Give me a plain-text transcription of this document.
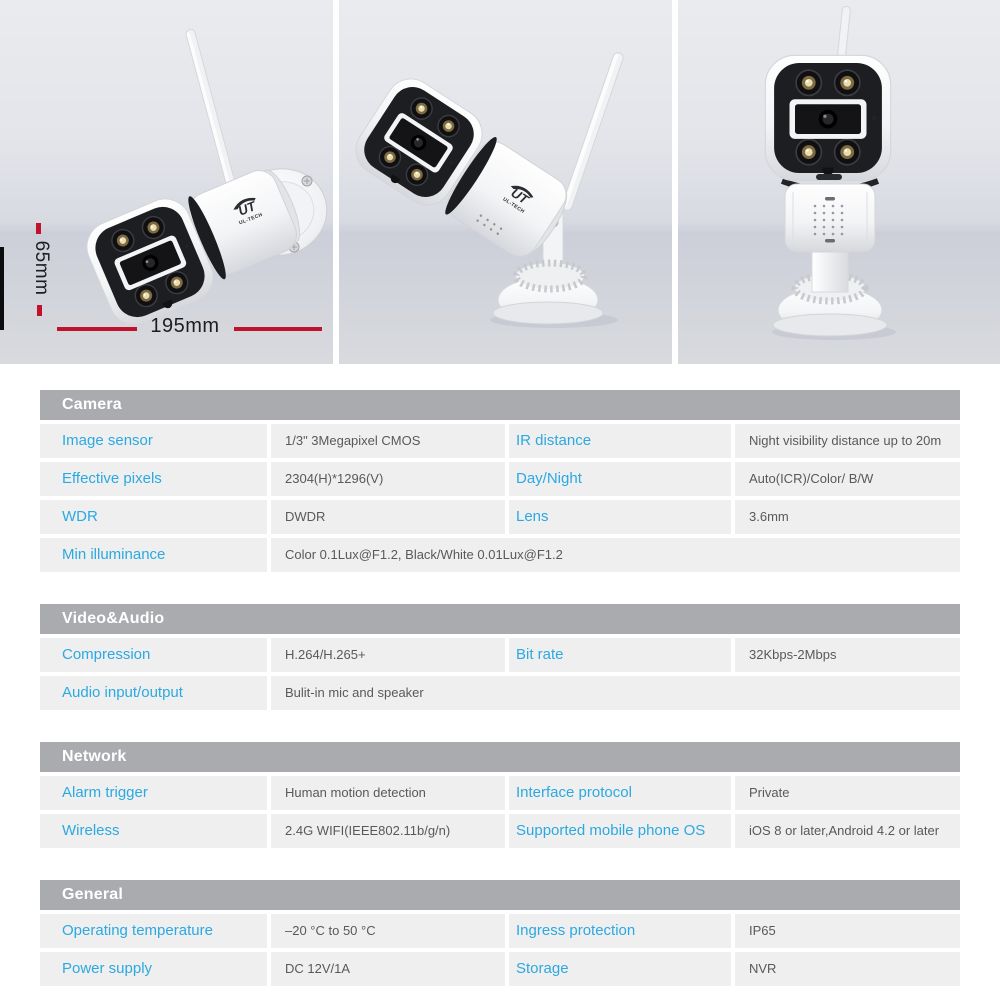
65mm
195mm
Camera
Image sensor	1/3" 3Megapixel CMOS	IR distance	Night visibility distance up to 20m
Effective pixels	2304(H)*1296(V)	Day/Night	Auto(ICR)/Color/ B/W
WDR	DWDR	Lens	3.6mm
Min illuminance	Color 0.1Lux@F1.2, Black/White 0.01Lux@F1.2
Video&Audio
Compression	H.264/H.265+	Bit rate	32Kbps-2Mbps
Audio input/output	Bulit-in mic and speaker
Network
Alarm trigger	Human motion detection	Interface protocol	Private
Wireless	2.4G WIFI(IEEE802.11b/g/n)	Supported mobile phone OS	iOS 8 or later,Android 4.2 or later
General
Operating temperature	–20 °C to 50 °C	Ingress protection	IP65
Power supply	DC 12V/1A	Storage	NVR
